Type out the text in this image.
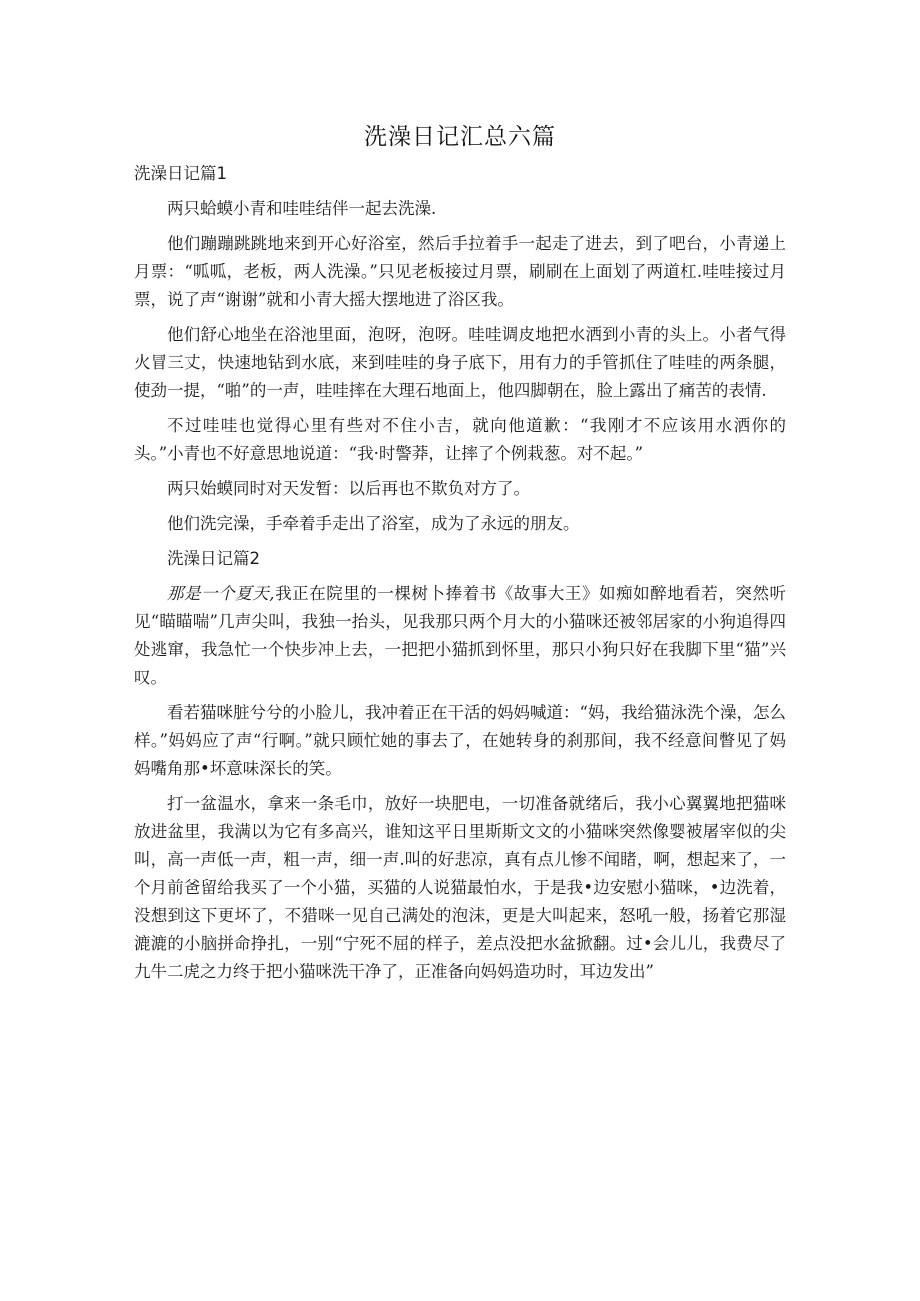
洗澡日记汇总六篇
洗澡日记篇1

两只蛤蟆小青和哇哇结伴一起去洗澡.

他们蹦蹦跳跳地来到开心好浴室，然后手拉着手一起走了进去，到了吧台，小青递上月票：“呱呱，老板，两人洗澡。”只见老板接过月票，刷刷在上面划了两道杠.哇哇接过月票，说了声“谢谢”就和小青大摇大摆地进了浴区我。

他们舒心地坐在浴池里面，泡呀，泡呀。哇哇调皮地把水洒到小青的头上。小者气得火冒三丈，快速地钻到水底，来到哇哇的身子底下，用有力的手管抓住了哇哇的两条腿，使劲一提，“啪”的一声，哇哇摔在大理石地面上，他四脚朝在，脸上露出了痛苦的表情.

不过哇哇也觉得心里有些对不住小吉，就向他道歉：“我刚才不应该用水洒你的头。”小青也不好意思地说道：“我·时警莽，让摔了个例栽葱。对不起。”

两只始蟆同时对天发暂：以后再也不欺负对方了。

他们洗完澡，手牵着手走出了浴室，成为了永远的朋友。

洗澡日记篇2

那是一个夏天,我正在院里的一棵树卜捧着书《故事大王》如痴如醉地看若，突然听见“瞄瞄喘”几声尖叫，我独一抬头，见我那只两个月大的小猫咪还被邻居家的小狗追得四处逃窜，我急忙一个快步冲上去，一把把小猫抓到怀里，那只小狗只好在我脚下里“猫”兴叹。

看若猫咪脏兮兮的小脸儿，我冲着正在干活的妈妈喊道：“妈，我给猫泳洗个澡，怎么样。”妈妈应了声“行啊。”就只顾忙她的事去了，在她转身的刹那间，我不经意间瞥见了妈妈嘴角那•坏意味深长的笑。

打一盆温水，拿来一条毛巾，放好一块肥电，一切准备就绪后，我小心翼翼地把猫咪放进盆里，我满以为它有多高兴，谁知这平日里斯斯文文的小猫咪突然像婴被屠宰似的尖叫，高一声低一声，粗一声，细一声.叫的好悲凉，真有点儿惨不闻睹，啊，想起来了，一个月前爸留给我买了一个小猫，买猫的人说猫最怕水，于是我•边安慰小猫咪，•边洗着，没想到这下更坏了，不猎咪一见自己满处的泡沫，更是大叫起来，怒吼一般，扬着它那湿漉漉的小脑拼命挣扎，一别“宁死不屈的样子，差点没把水盆掀翻。过•会儿儿，我费尽了九牛二虎之力终于把小猫咪洗干净了，正准备向妈妈造功时，耳边发出”
